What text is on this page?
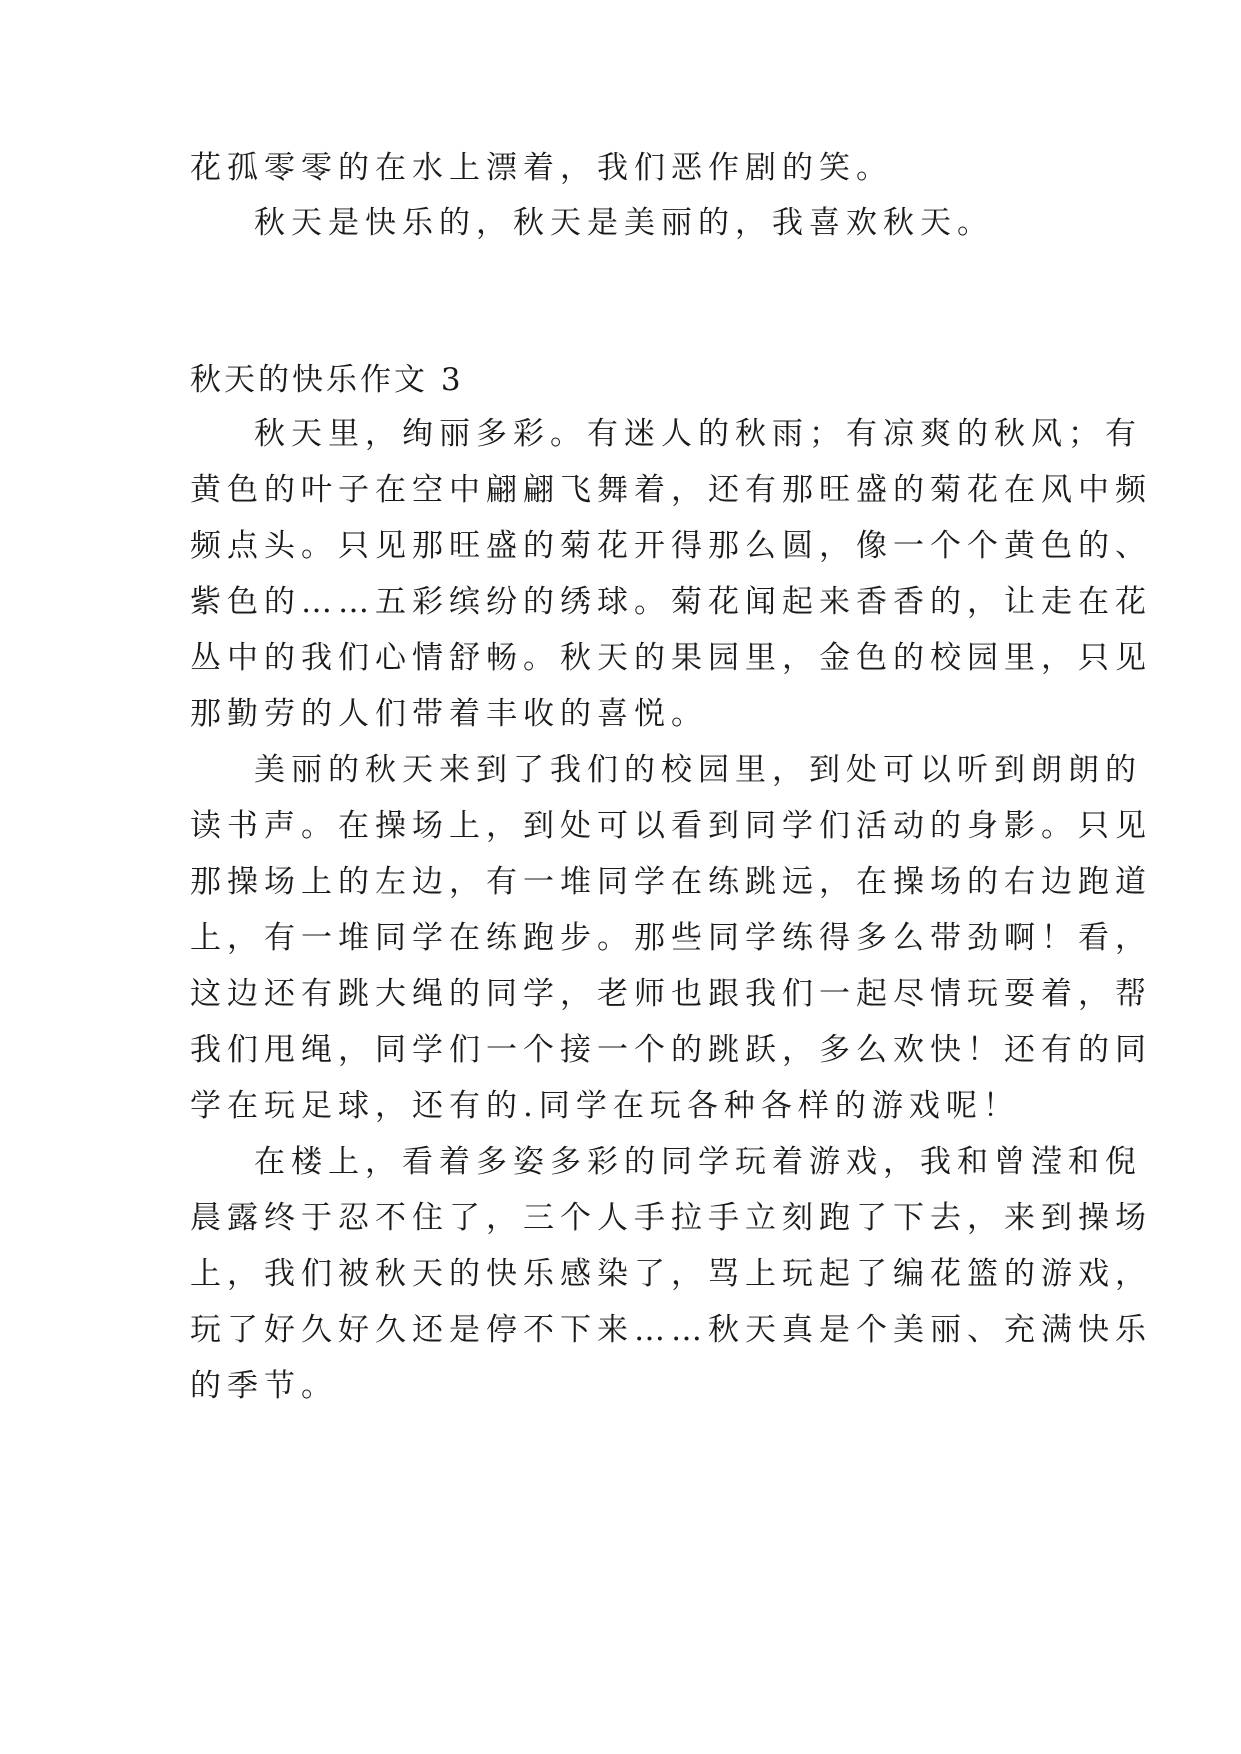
花孤零零的在水上漂着，我们恶作剧的笑。

秋天是快乐的，秋天是美丽的，我喜欢秋天。

秋天的快乐作文 3

秋天里，绚丽多彩。有迷人的秋雨；有凉爽的秋风；有

黄色的叶子在空中翩翩飞舞着，还有那旺盛的菊花在风中频

频点头。只见那旺盛的菊花开得那么圆，像一个个黄色的、

紫色的……五彩缤纷的绣球。菊花闻起来香香的，让走在花

丛中的我们心情舒畅。秋天的果园里，金色的校园里，只见

那勤劳的人们带着丰收的喜悦。

美丽的秋天来到了我们的校园里，到处可以听到朗朗的

读书声。在操场上，到处可以看到同学们活动的身影。只见

那操场上的左边，有一堆同学在练跳远，在操场的右边跑道

上，有一堆同学在练跑步。那些同学练得多么带劲啊！看，

这边还有跳大绳的同学，老师也跟我们一起尽情玩耍着，帮

我们甩绳，同学们一个接一个的跳跃，多么欢快！还有的同

学在玩足球，还有的.同学在玩各种各样的游戏呢！

在楼上，看着多姿多彩的同学玩着游戏，我和曾滢和倪

晨露终于忍不住了，三个人手拉手立刻跑了下去，来到操场

上，我们被秋天的快乐感染了，骂上玩起了编花篮的游戏，

玩了好久好久还是停不下来……秋天真是个美丽、充满快乐

的季节。
